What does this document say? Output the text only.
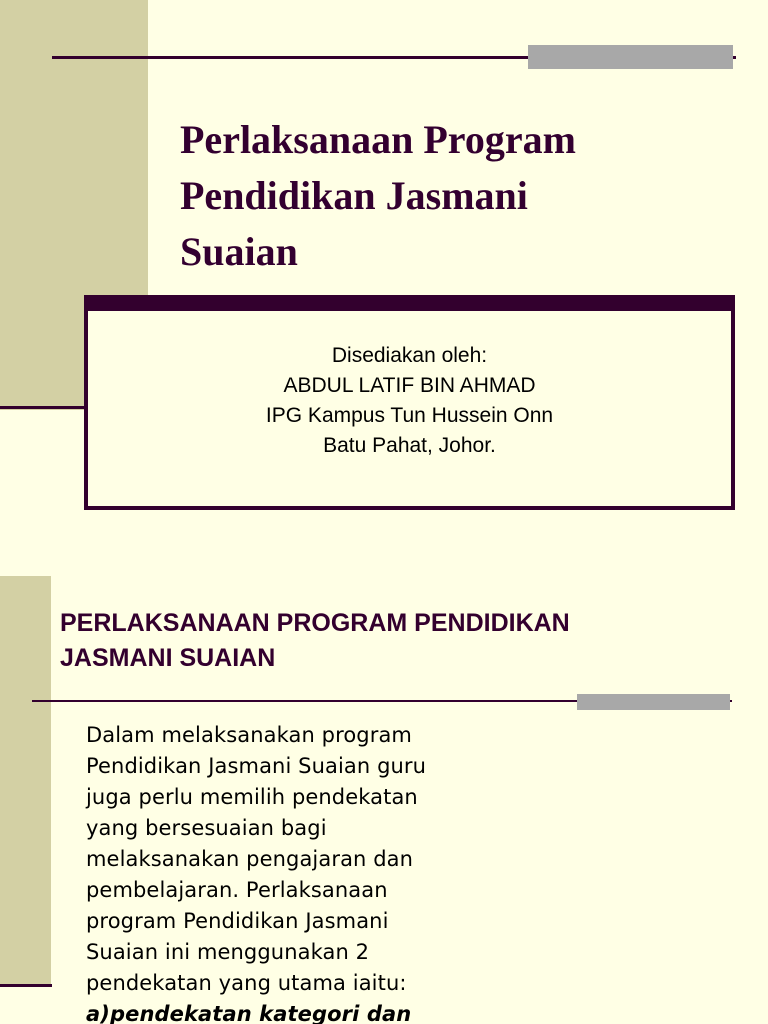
Perlaksanaan Program
Pendidikan Jasmani
Suaian
Disediakan oleh:
ABDUL LATIF BIN AHMAD
IPG Kampus Tun Hussein Onn
Batu Pahat, Johor.
PERLAKSANAAN PROGRAM PENDIDIKAN
JASMANI SUAIAN
Dalam melaksanakan program
Pendidikan Jasmani Suaian guru
juga perlu memilih pendekatan
yang bersesuaian bagi
melaksanakan pengajaran dan
pembelajaran. Perlaksanaan
program Pendidikan Jasmani
Suaian ini menggunakan 2
pendekatan yang utama iaitu:
a)pendekatan kategori dan
